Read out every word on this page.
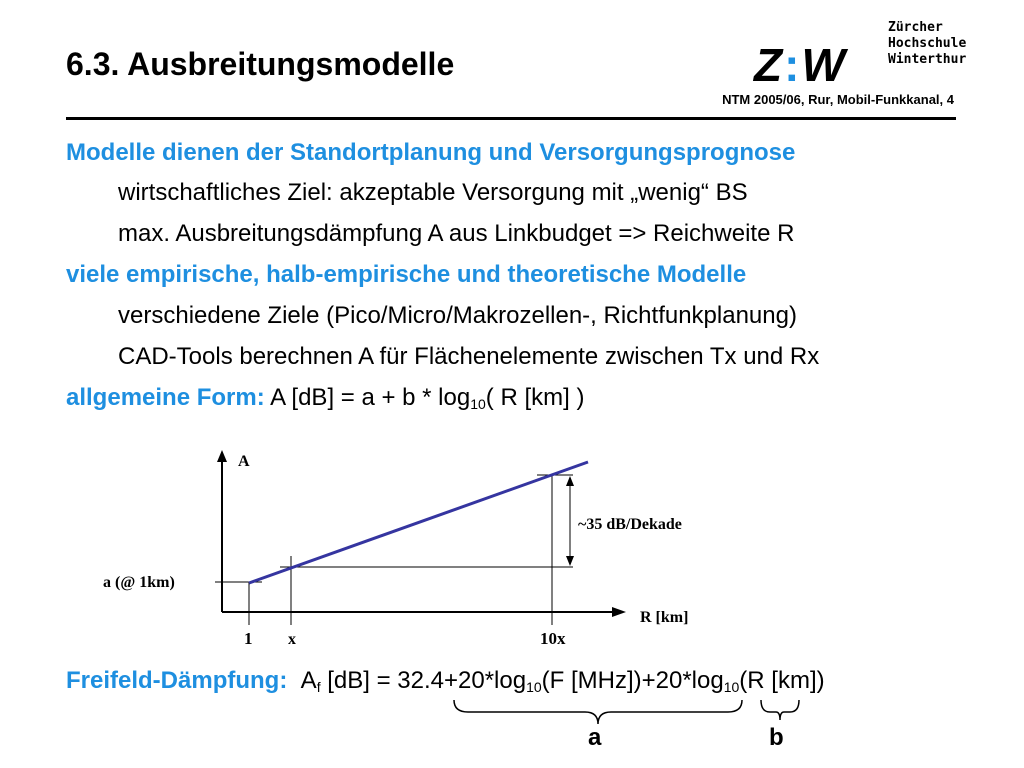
6.3. Ausbreitungsmodelle	Z:W
Zürcher
Hochschule
Winterthur
NTM 2005/06, Rur, Mobil-Funkkanal, 4
Modelle dienen der Standortplanung und Versorgungsprognose
wirtschaftliches Ziel: akzeptable Versorgung mit „wenig“ BS
max. Ausbreitungsdämpfung A aus Linkbudget => Reichweite R
viele empirische, halb-empirische und theoretische Modelle
verschiedene Ziele (Pico/Micro/Makrozellen-, Richtfunkplanung)
CAD-Tools berechnen A für Flächenelemente zwischen Tx und Rx
allgemeine Form: A $[dB] = a + b * \log_{10}$( R [km] )
A
R [km]
~35 dB/Dekade
a (@ 1km)
1 x	10x
Freifeld-Dämpfung: $A_f$ $[dB] = 32.4+20*\log_{10}(F$ $[MHz])+20*\log_{10}(R$ [km])
a	b
